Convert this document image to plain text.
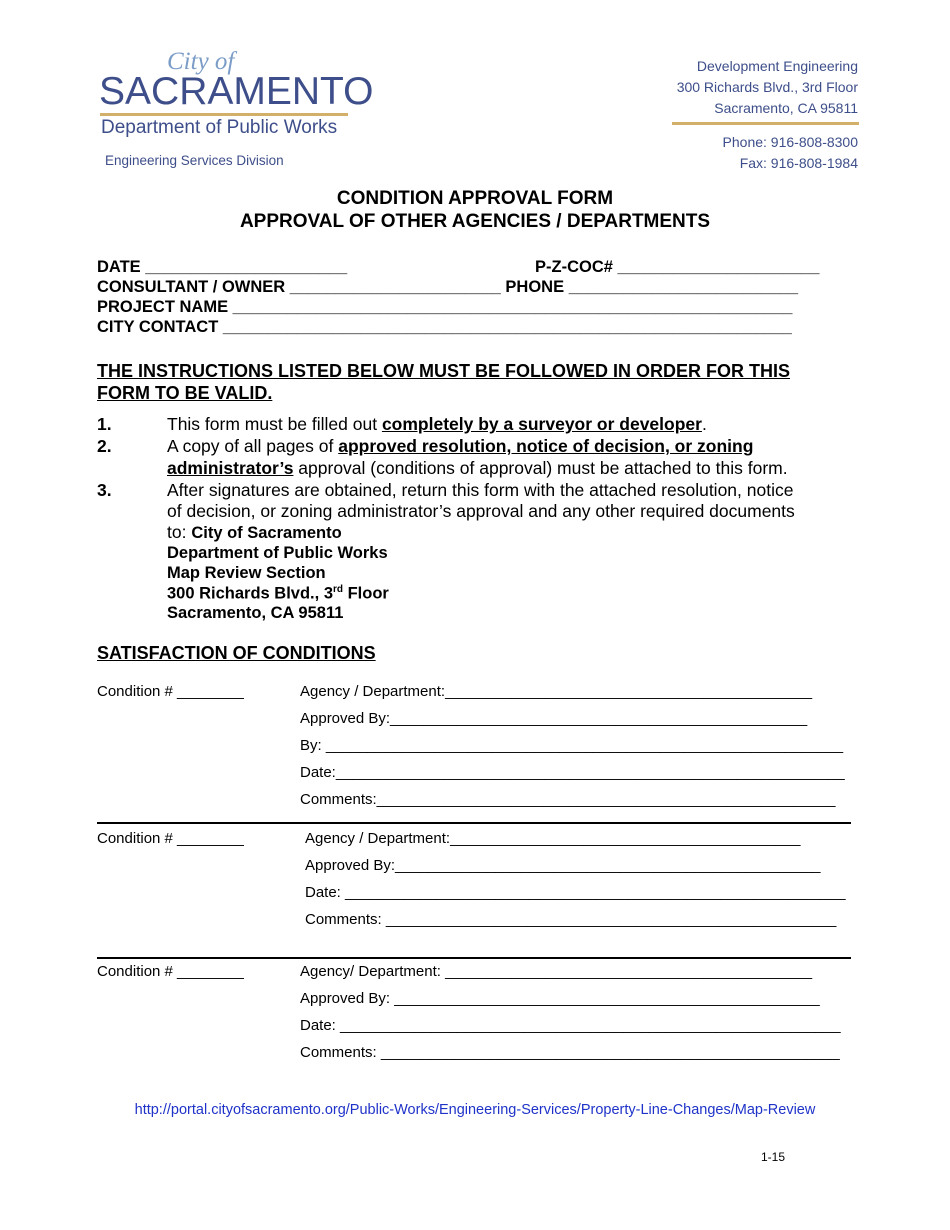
City of
SACRAMENTO
Department of Public Works
Engineering Services Division
Development Engineering
300 Richards Blvd., 3rd Floor
Sacramento, CA 95811
Phone: 916-808-8300
Fax: 916-808-1984
CONDITION APPROVAL FORM
APPROVAL OF OTHER AGENCIES / DEPARTMENTS
DATE ______________________	P-Z-COC# ______________________
CONSULTANT / OWNER _______________________ PHONE _________________________
PROJECT NAME _____________________________________________________________
CITY CONTACT ______________________________________________________________
THE INSTRUCTIONS LISTED BELOW MUST BE FOLLOWED IN ORDER FOR THIS
FORM TO BE VALID.
1.	This form must be filled out completely by a surveyor or developer.
2.	A copy of all pages of approved resolution, notice of decision, or zoning
administrator’s approval (conditions of approval) must be attached to this form.
3.	After signatures are obtained, return this form with the attached resolution, notice
of decision, or zoning administrator’s approval and any other required documents
to: City of Sacramento
Department of Public Works
Map Review Section
300 Richards Blvd., 3rd Floor
Sacramento, CA 95811
SATISFACTION OF CONDITIONS
Condition # ________	Agency / Department:____________________________________________
Approved By:__________________________________________________
By: ______________________________________________________________
Date:_____________________________________________________________
Comments:_______________________________________________________
Condition # ________	Agency / Department:__________________________________________
Approved By:___________________________________________________
Date: ____________________________________________________________
Comments: ______________________________________________________
Condition # ________	Agency/ Department: ____________________________________________
Approved By: ___________________________________________________
Date: ____________________________________________________________
Comments: _______________________________________________________
http://portal.cityofsacramento.org/Public-Works/Engineering-Services/Property-Line-Changes/Map-Review
1-15
